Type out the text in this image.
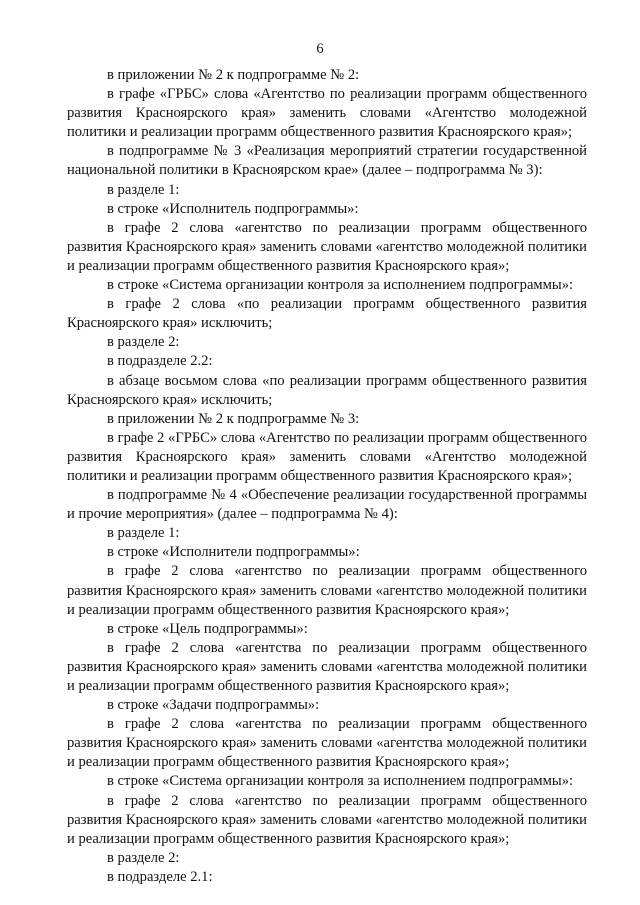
6

в приложении № 2 к подпрограмме № 2:

в графе «ГРБС» слова «Агентство по реализации программ общественного развития Красноярского края» заменить словами «Агентство молодежной политики и реализации программ общественного развития Красноярского края»;

в подпрограмме № 3 «Реализация мероприятий стратегии государственной национальной политики в Красноярском крае» (далее – подпрограмма № 3):

в разделе 1:

в строке «Исполнитель подпрограммы»:

в графе 2 слова «агентство по реализации программ общественного развития Красноярского края» заменить словами «агентство молодежной политики и реализации программ общественного развития Красноярского края»;

в строке «Система организации контроля за исполнением подпрограммы»:

в графе 2 слова «по реализации программ общественного развития Красноярского края» исключить;

в разделе 2:

в подразделе 2.2:

в абзаце восьмом слова «по реализации программ общественного развития Красноярского края» исключить;

в приложении № 2 к подпрограмме № 3:

в графе 2 «ГРБС» слова «Агентство по реализации программ общественного развития Красноярского края» заменить словами «Агентство молодежной политики и реализации программ общественного развития Красноярского края»;

в подпрограмме № 4 «Обеспечение реализации государственной программы и прочие мероприятия» (далее – подпрограмма № 4):

в разделе 1:

в строке «Исполнители подпрограммы»:

в графе 2 слова «агентство по реализации программ общественного развития Красноярского края» заменить словами «агентство молодежной политики и реализации программ общественного развития Красноярского края»;

в строке «Цель подпрограммы»:

в графе 2 слова «агентства по реализации программ общественного развития Красноярского края» заменить словами «агентства молодежной политики и реализации программ общественного развития Красноярского края»;

в строке «Задачи подпрограммы»:

в графе 2 слова «агентства по реализации программ общественного развития Красноярского края» заменить словами «агентства молодежной политики и реализации программ общественного развития Красноярского края»;

в строке «Система организации контроля за исполнением подпрограммы»:

в графе 2 слова «агентство по реализации программ общественного развития Красноярского края» заменить словами «агентство молодежной политики и реализации программ общественного развития Красноярского края»;

в разделе 2:

в подразделе 2.1:
